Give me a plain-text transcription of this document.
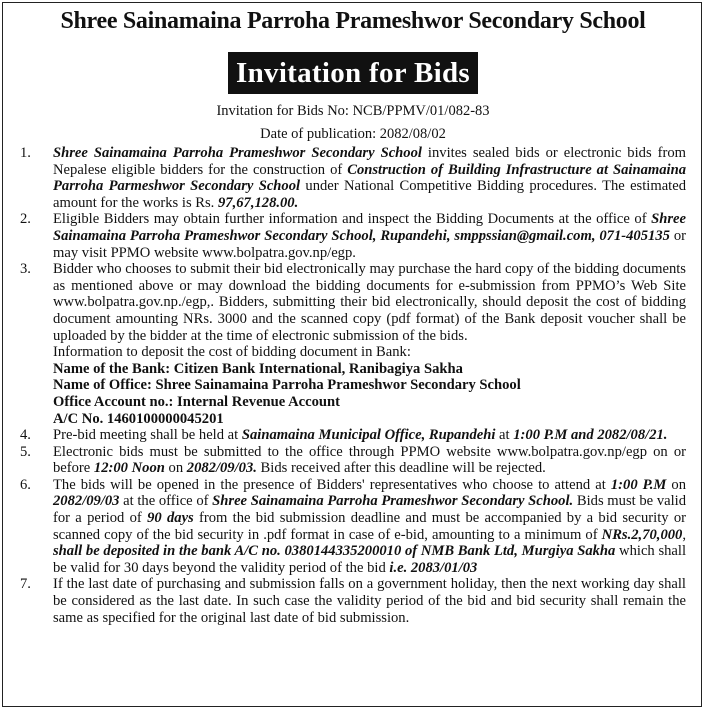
Shree Sainamaina Parroha Prameshwor Secondary School
Invitation for Bids
Invitation for Bids No: NCB/PPMV/01/082-83
Date of publication: 2082/08/02
1.	Shree Sainamaina Parroha Prameshwor Secondary School invites sealed bids or electronic bids from Nepalese eligible bidders for the construction of Construction of Building Infrastructure at Sainamaina Parroha Parmeshwor Secondary School under National Competitive Bidding procedures. The estimated amount for the works is Rs. 97,67,128.00.
2.	Eligible Bidders may obtain further information and inspect the Bidding Documents at the office of Shree Sainamaina Parroha Prameshwor Secondary School, Rupandehi, smppssian@gmail.com, 071-405135 or may visit PPMO website www.bolpatra.gov.np/egp.
3.	Bidder who chooses to submit their bid electronically may purchase the hard copy of the bidding documents as mentioned above or may download the bidding documents for e-submission from PPMO’s Web Site www.bolpatra.gov.np./egp,. Bidders, submitting their bid electronically, should deposit the cost of bidding document amounting NRs. 3000 and the scanned copy (pdf format) of the Bank deposit voucher shall be uploaded by the bidder at the time of electronic submission of the bids.
Information to deposit the cost of bidding document in Bank:
Name of the Bank: Citizen Bank International, Ranibagiya Sakha
Name of Office: Shree Sainamaina Parroha Prameshwor Secondary School
Office Account no.: Internal Revenue Account
A/C No. 1460100000045201
4.	Pre-bid meeting shall be held at Sainamaina Municipal Office, Rupandehi at 1:00 P.M and 2082/08/21.
5.	Electronic bids must be submitted to the office through PPMO website www.bolpatra.gov.np/egp on or before 12:00 Noon on 2082/09/03. Bids received after this deadline will be rejected.
6.	The bids will be opened in the presence of Bidders' representatives who choose to attend at 1:00 P.M on 2082/09/03 at the office of Shree Sainamaina Parroha Prameshwor Secondary School. Bids must be valid for a period of 90 days from the bid submission deadline and must be accompanied by a bid security or scanned copy of the bid security in .pdf format in case of e-bid, amounting to a minimum of NRs.2,70,000, shall be deposited in the bank A/C no. 0380144335200010 of NMB Bank Ltd, Murgiya Sakha which shall be valid for 30 days beyond the validity period of the bid i.e. 2083/01/03
7.	If the last date of purchasing and submission falls on a government holiday, then the next working day shall be considered as the last date. In such case the validity period of the bid and bid security shall remain the same as specified for the original last date of bid submission.
